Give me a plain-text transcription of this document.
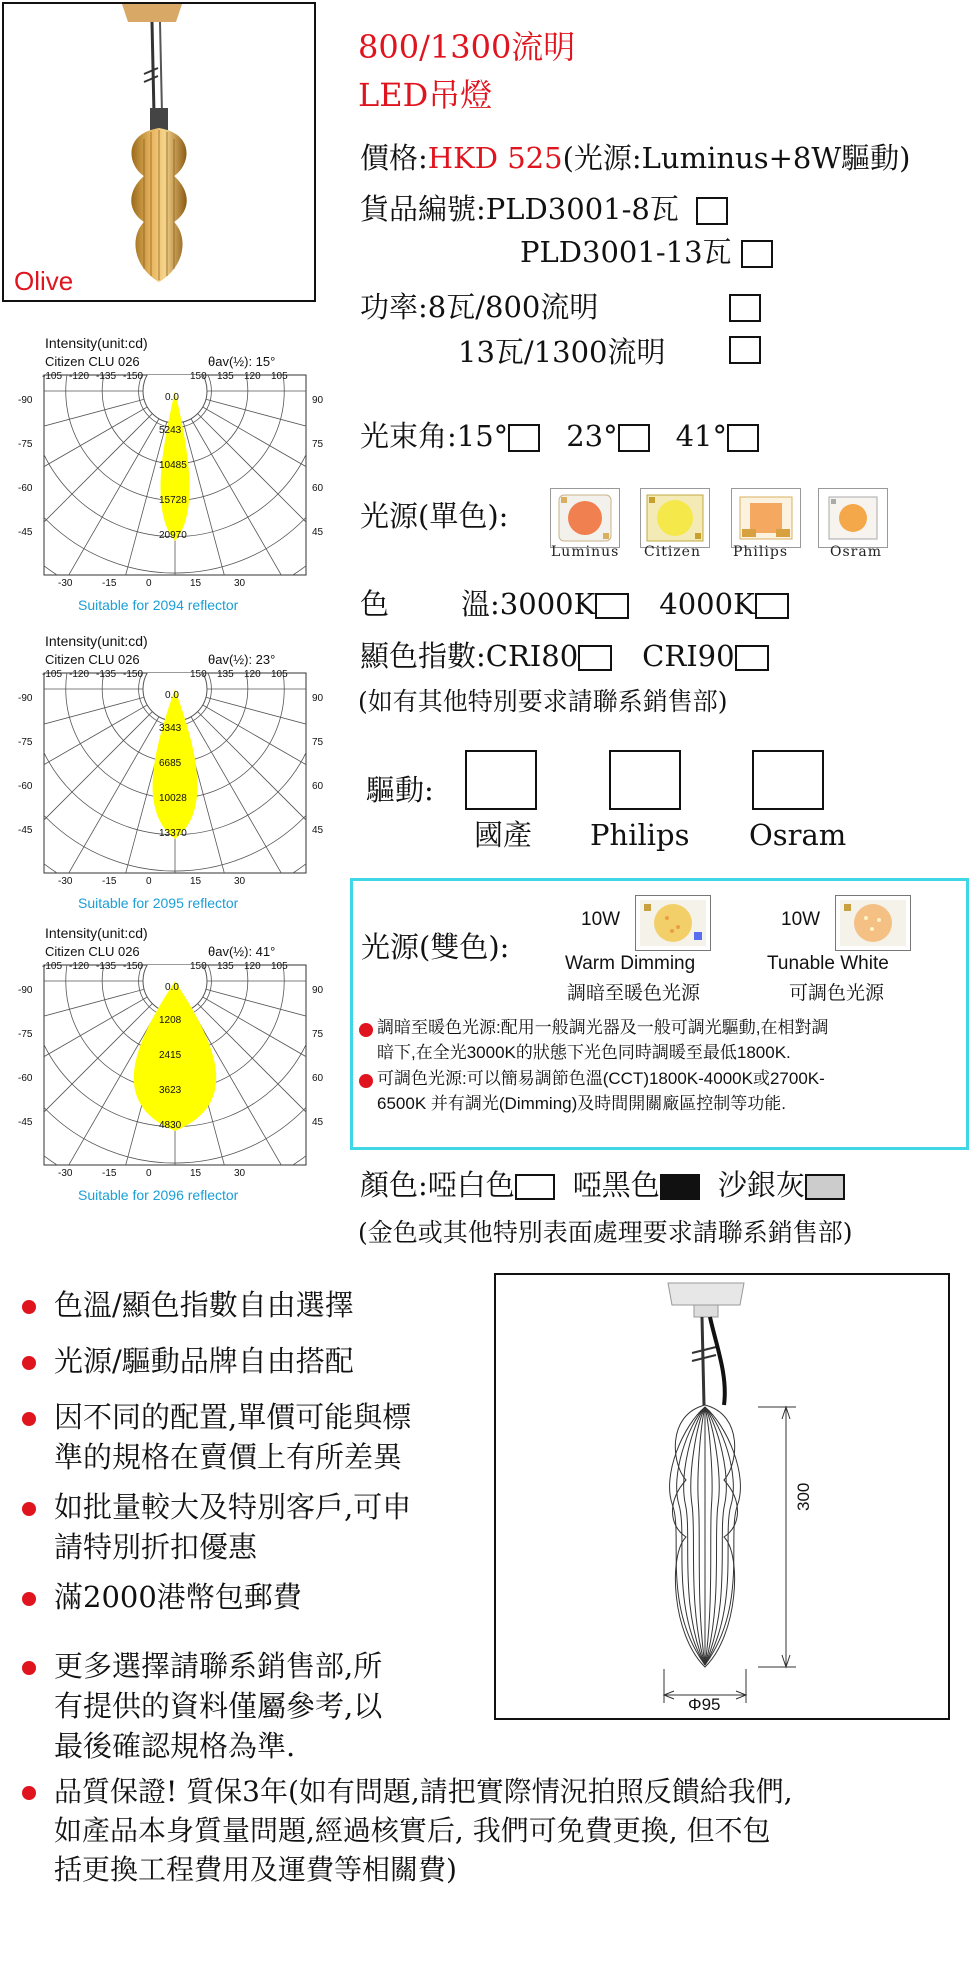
Olive
800/1300流明
LED吊燈
價格:HKD 525(光源:Luminus+8W驅動)
貨品編號:PLD3001-8瓦
PLD3001-13瓦
功率:8瓦/800流明
13瓦/1300流明
光束角:15° 23° 41°
光源(單色):
Luminus Citizen Philips	Osram
色 溫:3000K 4000K
顯色指數:CRI80 CRI90
(如有其他特別要求請聯系銷售部)
驅動:
國產 Philips Osram
光源(雙色):
10W
Warm Dimming
調暗至暖色光源
10W
Tunable White
可調色光源
調暗至暖色光源:配用一般調光器及一般可調光驅動,在相對調
暗下,在全光3000K的狀態下光色同時調暖至最低1800K.
可調色光源:可以簡易調節色溫(CCT)1800K-4000K或2700K-
6500K 并有調光(Dimming)及時間開關廠區控制等功能.
顏色:啞白色 啞黑色 沙銀灰
(金色或其他特別表面處理要求請聯系銷售部)
Intensity(unit:cd)
Citizen CLU 026	θav(½): 15°
-105 -120 -135 -150	150 135 120 105
-90
-75
-60
-45
90
75
60
45
-30	-15	0	15	30
0.0
5243
10485
15728
20970
Suitable for 2094 reflector
Intensity(unit:cd)
Citizen CLU 026	θav(½): 23°
-105 -120 -135 -150	150 135 120 105
-90
-75
-60
-45
90
75
60
45
-30	-15	0	15	30
0.0
3343
6685
10028
13370
Suitable for 2095 reflector
Intensity(unit:cd)
Citizen CLU 026	θav(½): 41°
-105 -120 -135 -150	150 135 120 105
-90
-75
-60
-45
90
75
60
45
-30	-15	0	15	30
0.0
1208
2415
3623
4830
Suitable for 2096 reflector
色溫/顯色指數自由選擇
光源/驅動品牌自由搭配
因不同的配置,單價可能與標
準的規格在賣價上有所差異
如批量較大及特別客戶,可申
請特別折扣優惠
滿2000港幣包郵費
更多選擇請聯系銷售部,所
有提供的資料僅屬參考,以
最後確認規格為準.
300
Φ95
品質保證! 質保3年(如有問題,請把實際情況拍照反饋給我們,
如產品本身質量問題,經過核實后, 我們可免費更換, 但不包
括更換工程費用及運費等相關費)
